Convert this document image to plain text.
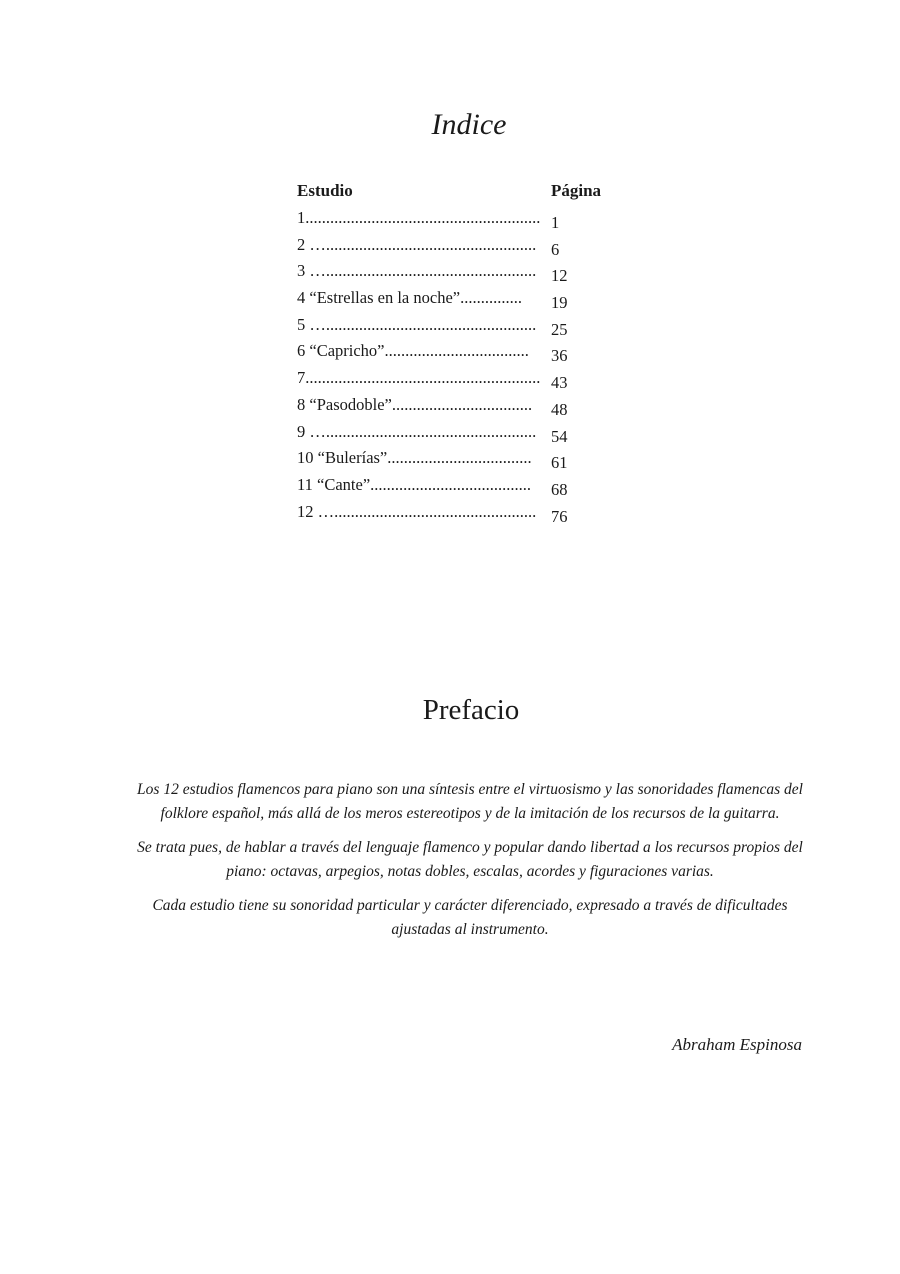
Indice
Estudio	Página
1......................................................... 1
2 …................................................... 6
3 …................................................... 12
4 “Estrellas en la noche”...............	19
5 …................................................... 25
6 “Capricho”...................................	36
7......................................................... 43
8 “Pasodoble”..................................	48
9 …................................................... 54
10 “Bulerías”...................................	61
11 “Cante”.......................................	68
12 …................................................. 76
Prefacio

Los 12 estudios flamencos para piano son una síntesis entre el virtuosismo y las sonoridades flamencas del folklore español, más allá de los meros estereotipos y de la imitación de los recursos de la guitarra.

Se trata pues, de hablar a través del lenguaje flamenco y popular dando libertad a los recursos propios del piano: octavas, arpegios, notas dobles, escalas, acordes y figuraciones varias.

Cada estudio tiene su sonoridad particular y carácter diferenciado, expresado a través de dificultades ajustadas al instrumento.

Abraham Espinosa
